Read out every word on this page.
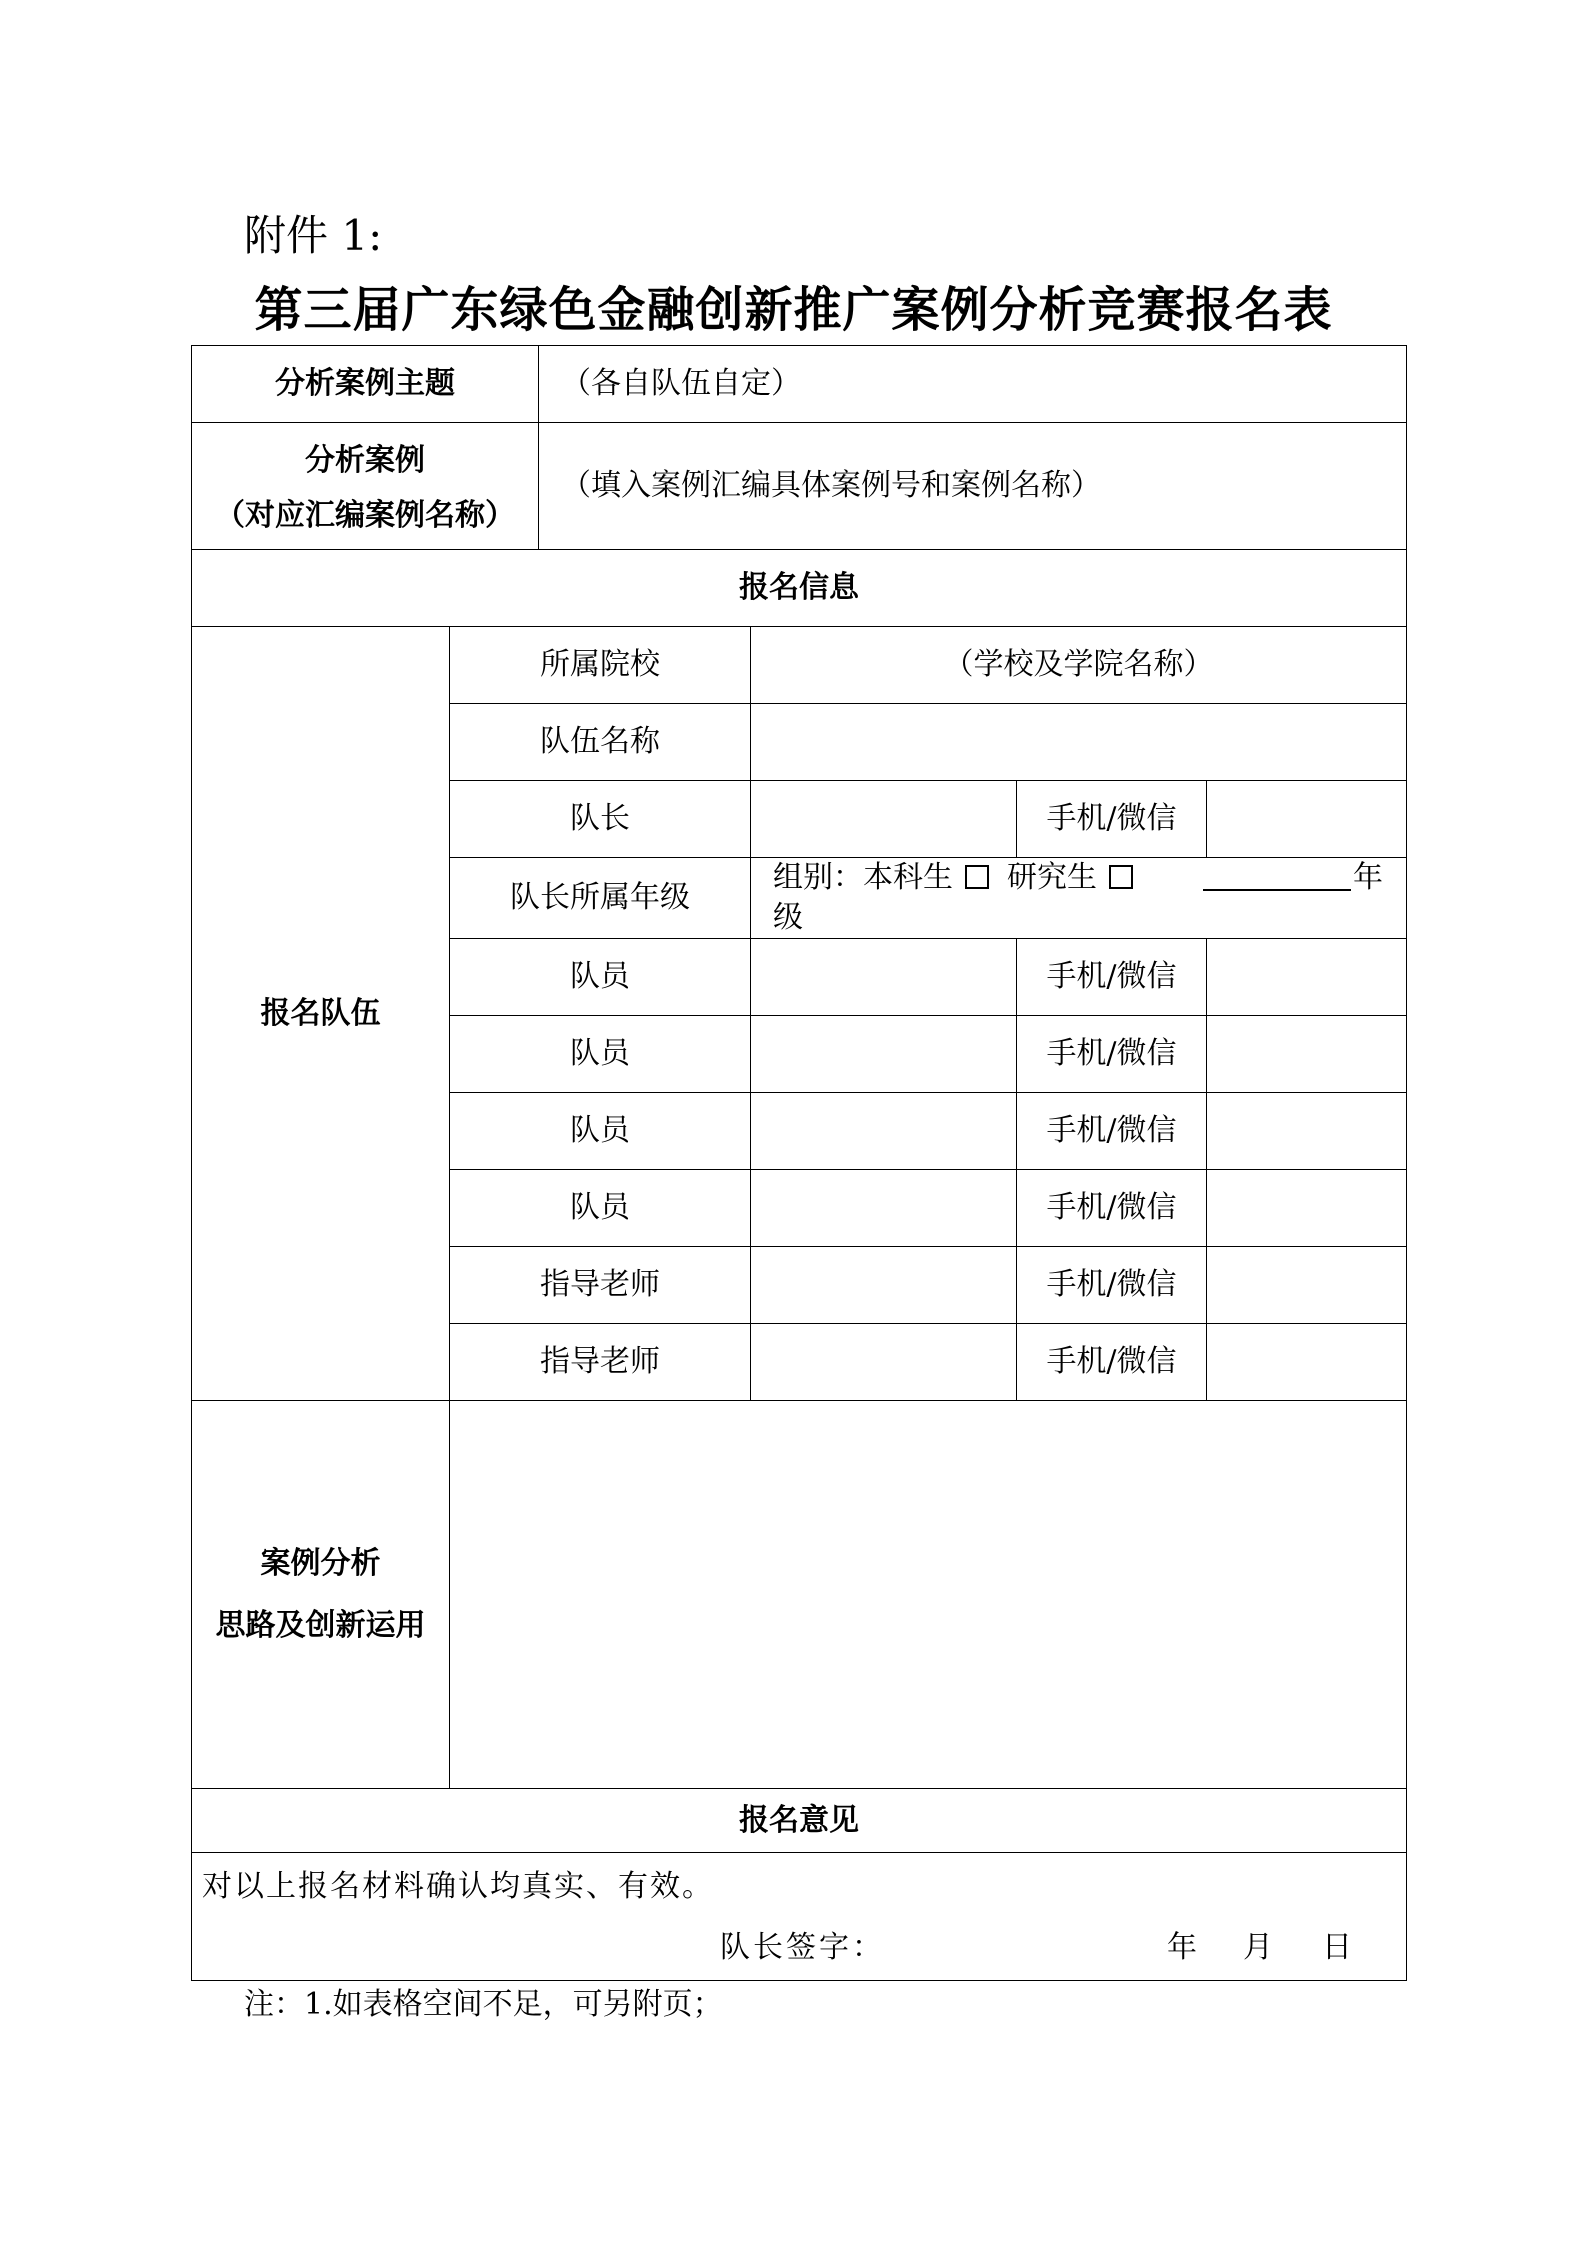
附件 1:
第三届广东绿色金融创新推广案例分析竞赛报名表
分析案例主题		（各自队伍自定）			

分析案例
（对应汇编案例名称）		（填入案例汇编具体案例号和案例名称）			
报名信息					
报名队伍	所属院校		（学校及学院名称）		
	队伍名称				
	队长			手机/微信	
	队长所属年级		组别：本科生 研究生 年级		
	队员			手机/微信	
	队员			手机/微信	
	队员			手机/微信	
	队员			手机/微信	
	指导老师			手机/微信	
	指导老师			手机/微信	

案例分析
思路及创新运用					

报名意见					

对以上报名材料确认均真实、有效。
队长签字： 年 月 日					
注：1.如表格空间不足，可另附页；
